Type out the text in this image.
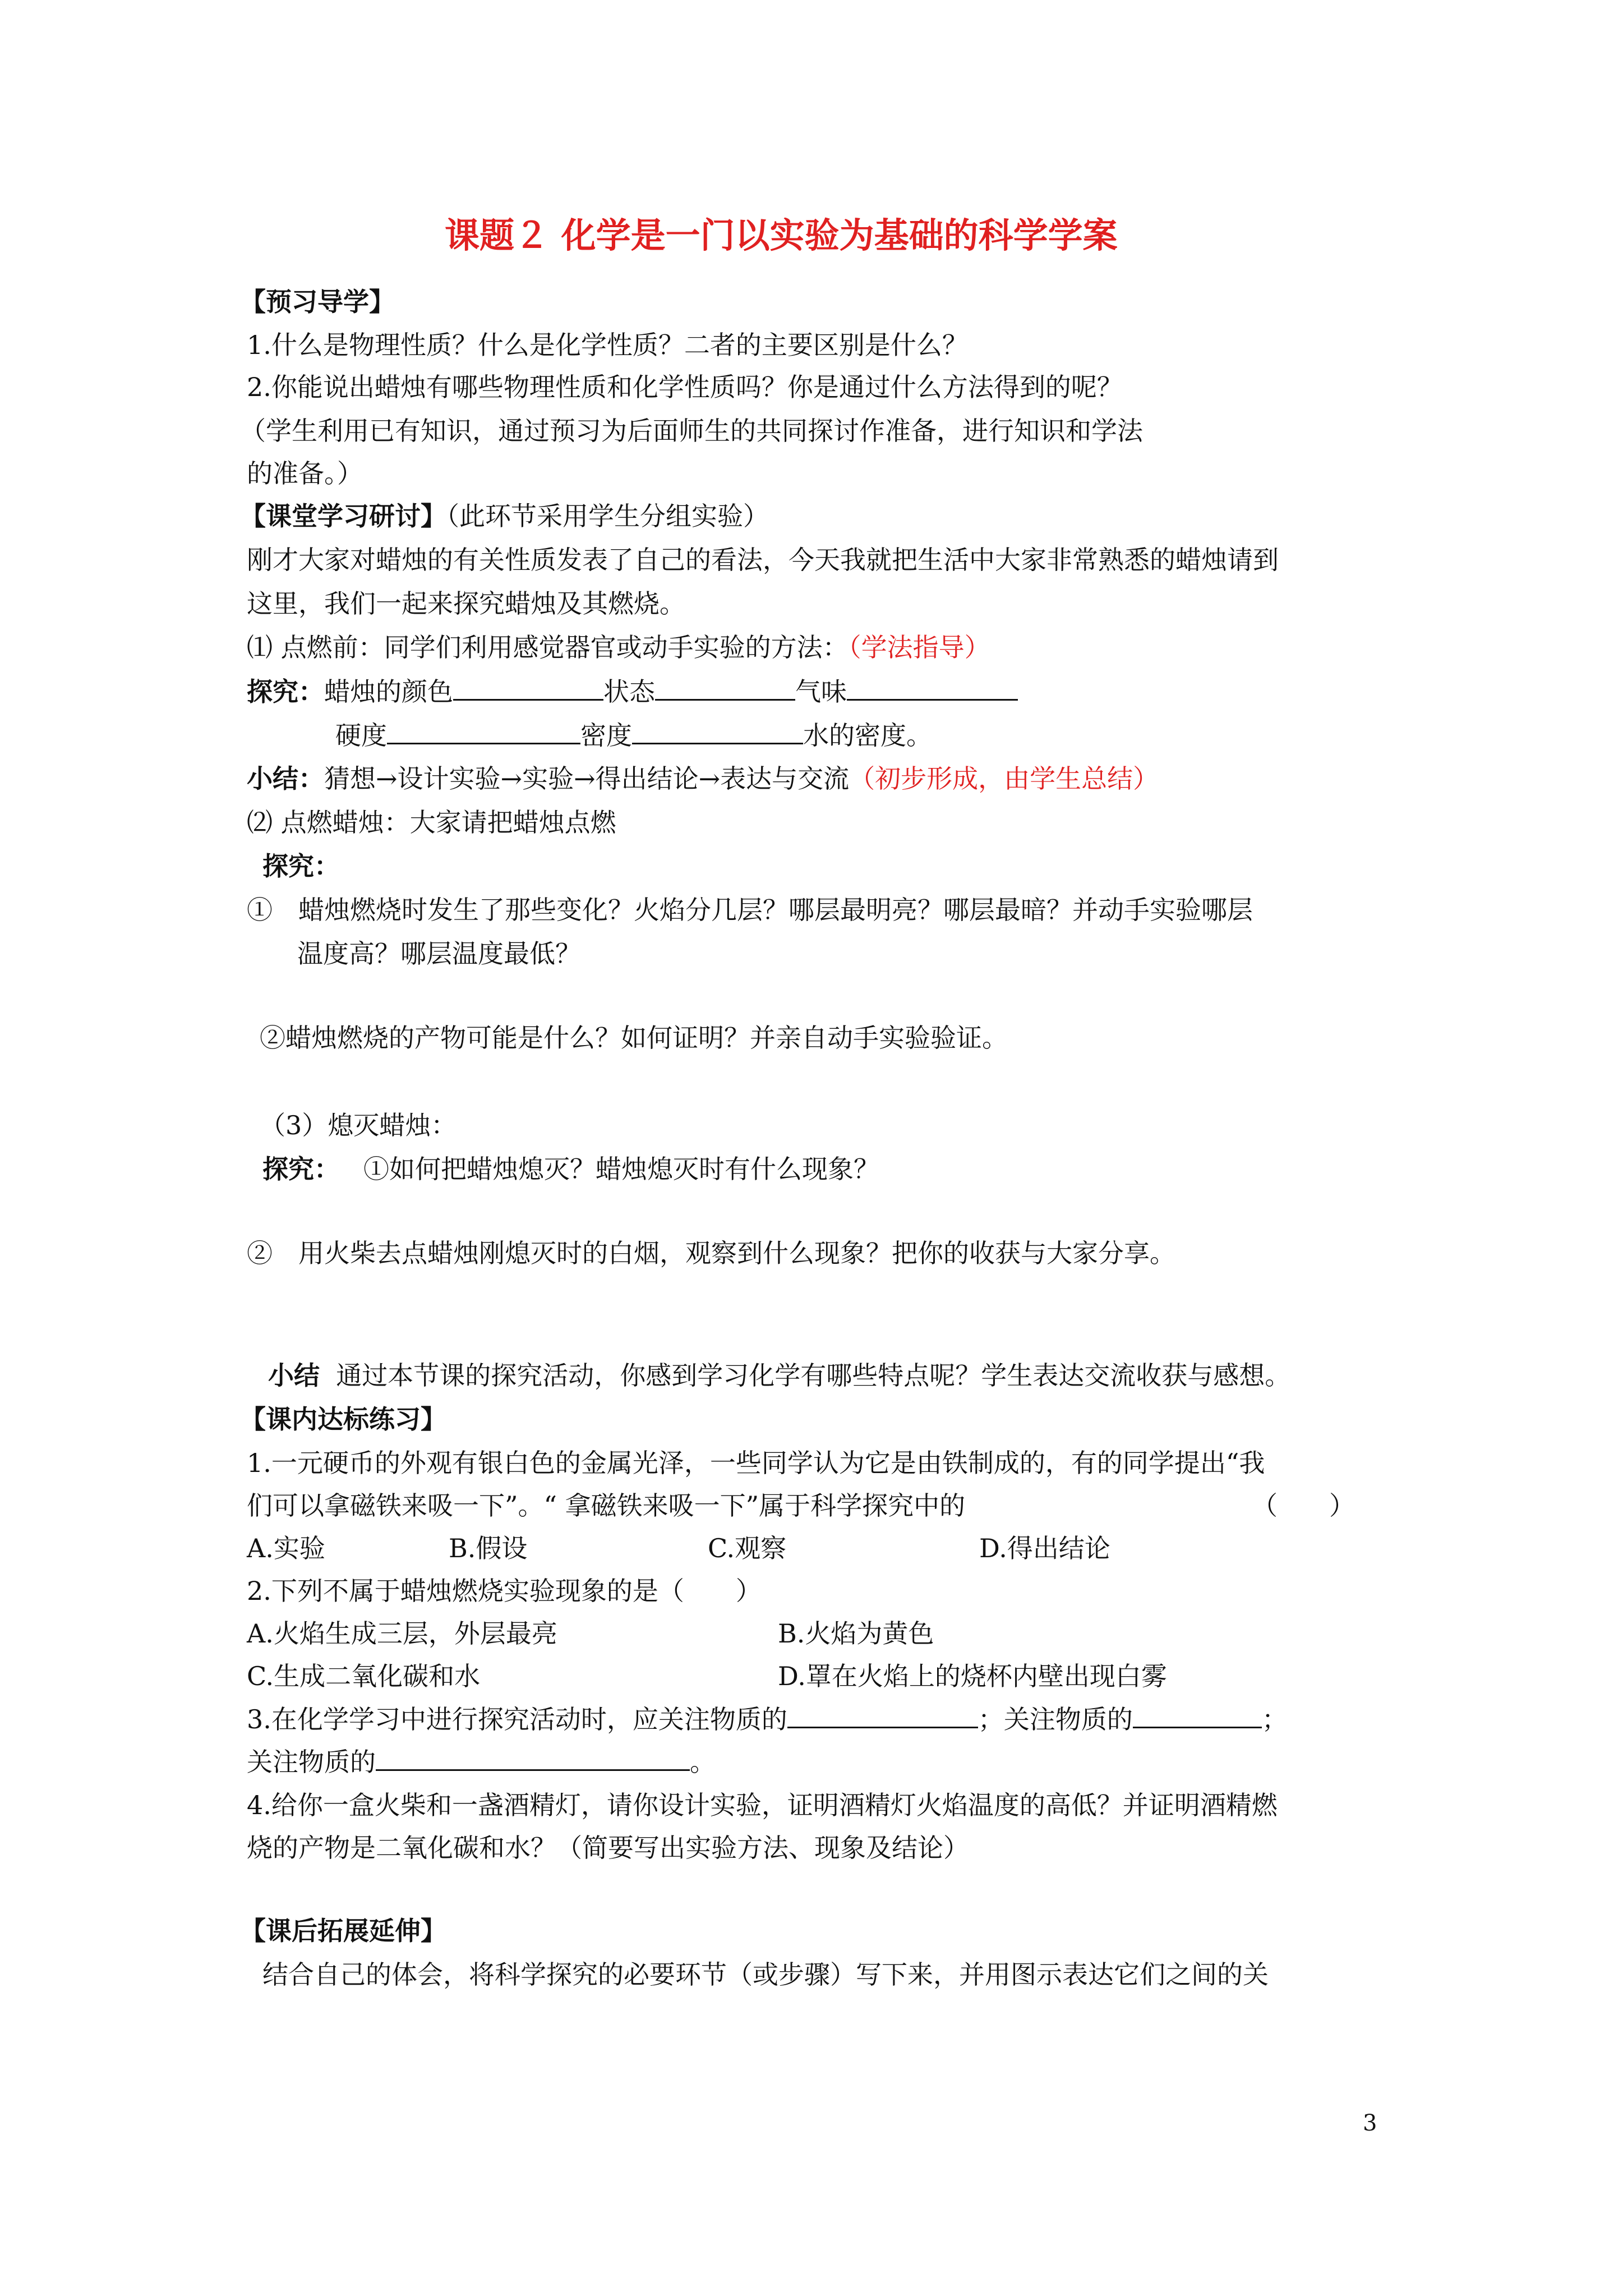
课题２ 化学是一门以实验为基础的科学学案
【预习导学】
1.什么是物理性质？什么是化学性质？二者的主要区别是什么？
2.你能说出蜡烛有哪些物理性质和化学性质吗？你是通过什么方法得到的呢？
（学生利用已有知识，通过预习为后面师生的共同探讨作准备，进行知识和学法
的准备。）
【课堂学习研讨】（此环节采用学生分组实验）
刚才大家对蜡烛的有关性质发表了自己的看法，今天我就把生活中大家非常熟悉的蜡烛请到
这里，我们一起来探究蜡烛及其燃烧。
⑴ 点燃前：同学们利用感觉器官或动手实验的方法：（学法指导）
探究：蜡烛的颜色	状态	气味
硬度	密度	水的密度。
小结：猜想→设计实验→实验→得出结论→表达与交流（初步形成，由学生总结）
⑵ 点燃蜡烛：大家请把蜡烛点燃
探究：
①　蜡烛燃烧时发生了那些变化？火焰分几层？哪层最明亮？哪层最暗？并动手实验哪层
温度高？哪层温度最低？
②蜡烛燃烧的产物可能是什么？如何证明？并亲自动手实验验证。
（3）熄灭蜡烛：
探究： ①如何把蜡烛熄灭？蜡烛熄灭时有什么现象？
②　用火柴去点蜡烛刚熄灭时的白烟，观察到什么现象？把你的收获与大家分享。
小结 通过本节课的探究活动，你感到学习化学有哪些特点呢？学生表达交流收获与感想。
【课内达标练习】
1.一元硬币的外观有银白色的金属光泽，一些同学认为它是由铁制成的，有的同学提出“我
们可以拿磁铁来吸一下”。“ 拿磁铁来吸一下”属于科学探究中的	（　　）
A.实验	B.假设	C.观察	D.得出结论
2.下列不属于蜡烛燃烧实验现象的是（　　）
A.火焰生成三层，外层最亮	B.火焰为黄色
C.生成二氧化碳和水	D.罩在火焰上的烧杯内壁出现白雾
3.在化学学习中进行探究活动时，应关注物质的	；关注物质的	；
关注物质的	。
4.给你一盒火柴和一盏酒精灯，请你设计实验，证明酒精灯火焰温度的高低？并证明酒精燃
烧的产物是二氧化碳和水？（简要写出实验方法、现象及结论）
【课后拓展延伸】
结合自己的体会，将科学探究的必要环节（或步骤）写下来，并用图示表达它们之间的关
3
